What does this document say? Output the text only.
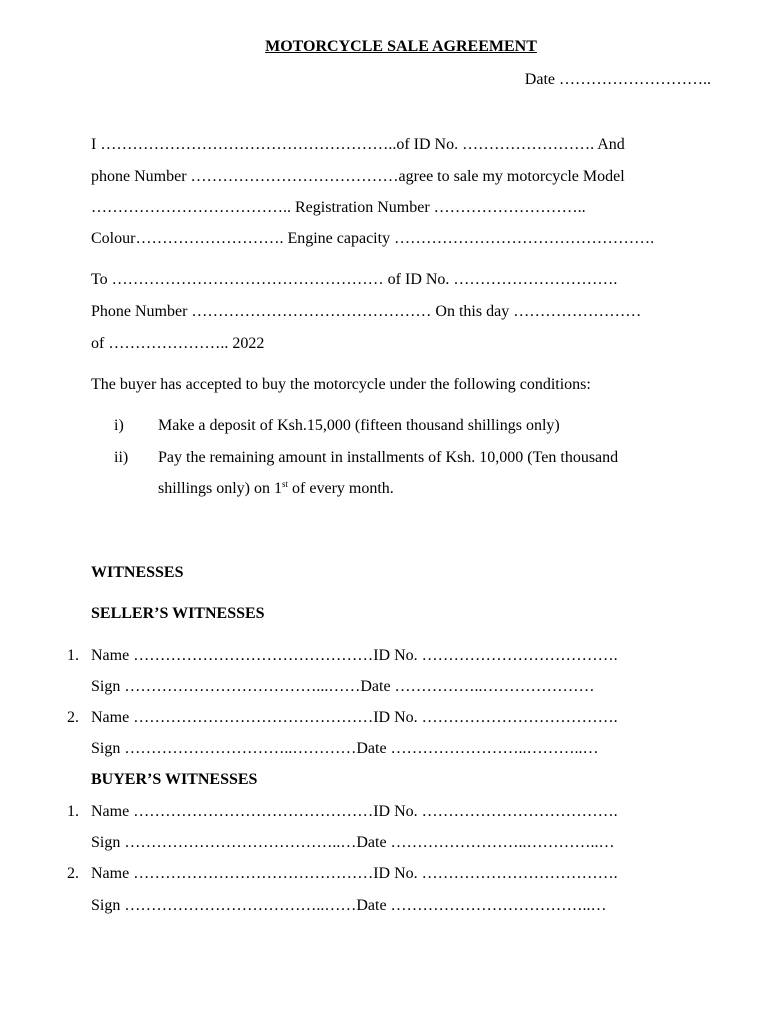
MOTORCYCLE SALE AGREEMENT
Date ………………………..
I ………………………………………………..of ID No. ……………………. And
phone Number …………………………………agree to sale my motorcycle Model
……………………………….. Registration Number ………………………..
Colour………………………. Engine capacity ………………………………………….
To …………………………………………… of ID No. ………………………….
Phone Number ……………………………………… On this day ……………………
of ………………….. 2022
The buyer has accepted to buy the motorcycle under the following conditions:
i) Make a deposit of Ksh.15,000 (fifteen thousand shillings only)
ii) Pay the remaining amount in installments of Ksh. 10,000 (Ten thousand
shillings only) on 1st of every month.
WITNESSES
SELLER’S WITNESSES
1. Name ………………………………………ID No. ……………………………….
Sign ………………………………...……Date ……………..…………………
2. Name ………………………………………ID No. ……………………………….
Sign …………………………..…………Date ……………………..………..…
BUYER’S WITNESSES
1. Name ………………………………………ID No. ……………………………….
Sign …………………………………..…Date ……………………..…………..…
2. Name ………………………………………ID No. ……………………………….
Sign ………………………………..……Date ………………………………..…
